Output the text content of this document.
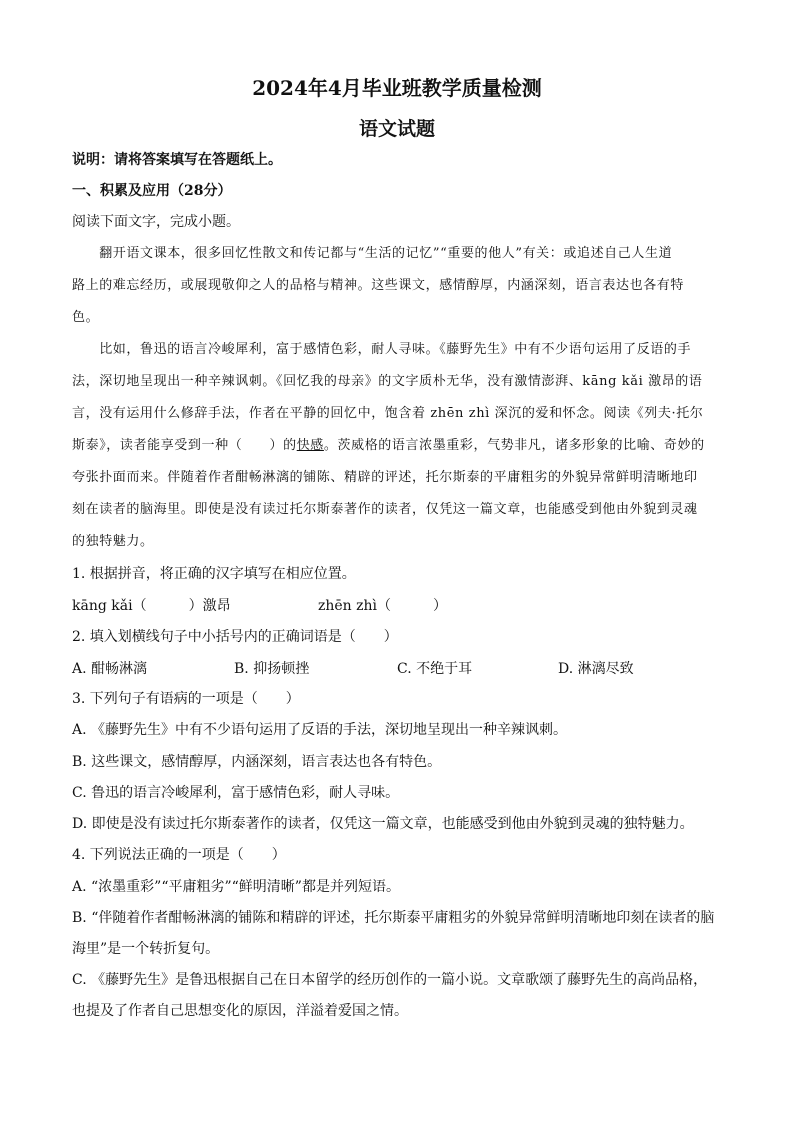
2024年4月毕业班教学质量检测
语文试题
说明：请将答案填写在答题纸上。
一、积累及应用（28分）
阅读下面文字，完成小题。
　　翻开语文课本，很多回忆性散文和传记都与“生活的记忆”“重要的他人”有关：或追述自己人生道
路上的难忘经历，或展现敬仰之人的品格与精神。这些课文，感情醇厚，内涵深刻，语言表达也各有特
色。
　　比如，鲁迅的语言冷峻犀利，富于感情色彩，耐人寻味。《藤野先生》中有不少语句运用了反语的手
法，深切地呈现出一种辛辣讽刺。《回忆我的母亲》的文字质朴无华，没有激情澎湃、kāng kǎi 激昂的语
言，没有运用什么修辞手法，作者在平静的回忆中，饱含着 zhēn zhì 深沉的爱和怀念。阅读《列夫·托尔
斯泰》，读者能享受到一种（　　）的快感。茨威格的语言浓墨重彩，气势非凡，诸多形象的比喻、奇妙的
夸张扑面而来。伴随着作者酣畅淋漓的铺陈、精辟的评述，托尔斯泰的平庸粗劣的外貌异常鲜明清晰地印
刻在读者的脑海里。即使是没有读过托尔斯泰著作的读者，仅凭这一篇文章，也能感受到他由外貌到灵魂
的独特魅力。
1. 根据拼音，将正确的汉字填写在相应位置。
kāng kǎi（　　　）激昂	zhēn zhì（　　　）
2. 填入划横线句子中小括号内的正确词语是（　　）
A. 酣畅淋漓	B. 抑扬顿挫	C. 不绝于耳	D. 淋漓尽致
3. 下列句子有语病的一项是（　　）
A. 《藤野先生》中有不少语句运用了反语的手法，深切地呈现出一种辛辣讽刺。
B. 这些课文，感情醇厚，内涵深刻，语言表达也各有特色。
C. 鲁迅的语言冷峻犀利，富于感情色彩，耐人寻味。
D. 即使是没有读过托尔斯泰著作的读者，仅凭这一篇文章，也能感受到他由外貌到灵魂的独特魅力。
4. 下列说法正确的一项是（　　）
A. “浓墨重彩”“平庸粗劣”“鲜明清晰”都是并列短语。
B. “伴随着作者酣畅淋漓的铺陈和精辟的评述，托尔斯泰平庸粗劣的外貌异常鲜明清晰地印刻在读者的脑
海里”是一个转折复句。
C. 《藤野先生》是鲁迅根据自己在日本留学的经历创作的一篇小说。文章歌颂了藤野先生的高尚品格，
也提及了作者自己思想变化的原因，洋溢着爱国之情。
